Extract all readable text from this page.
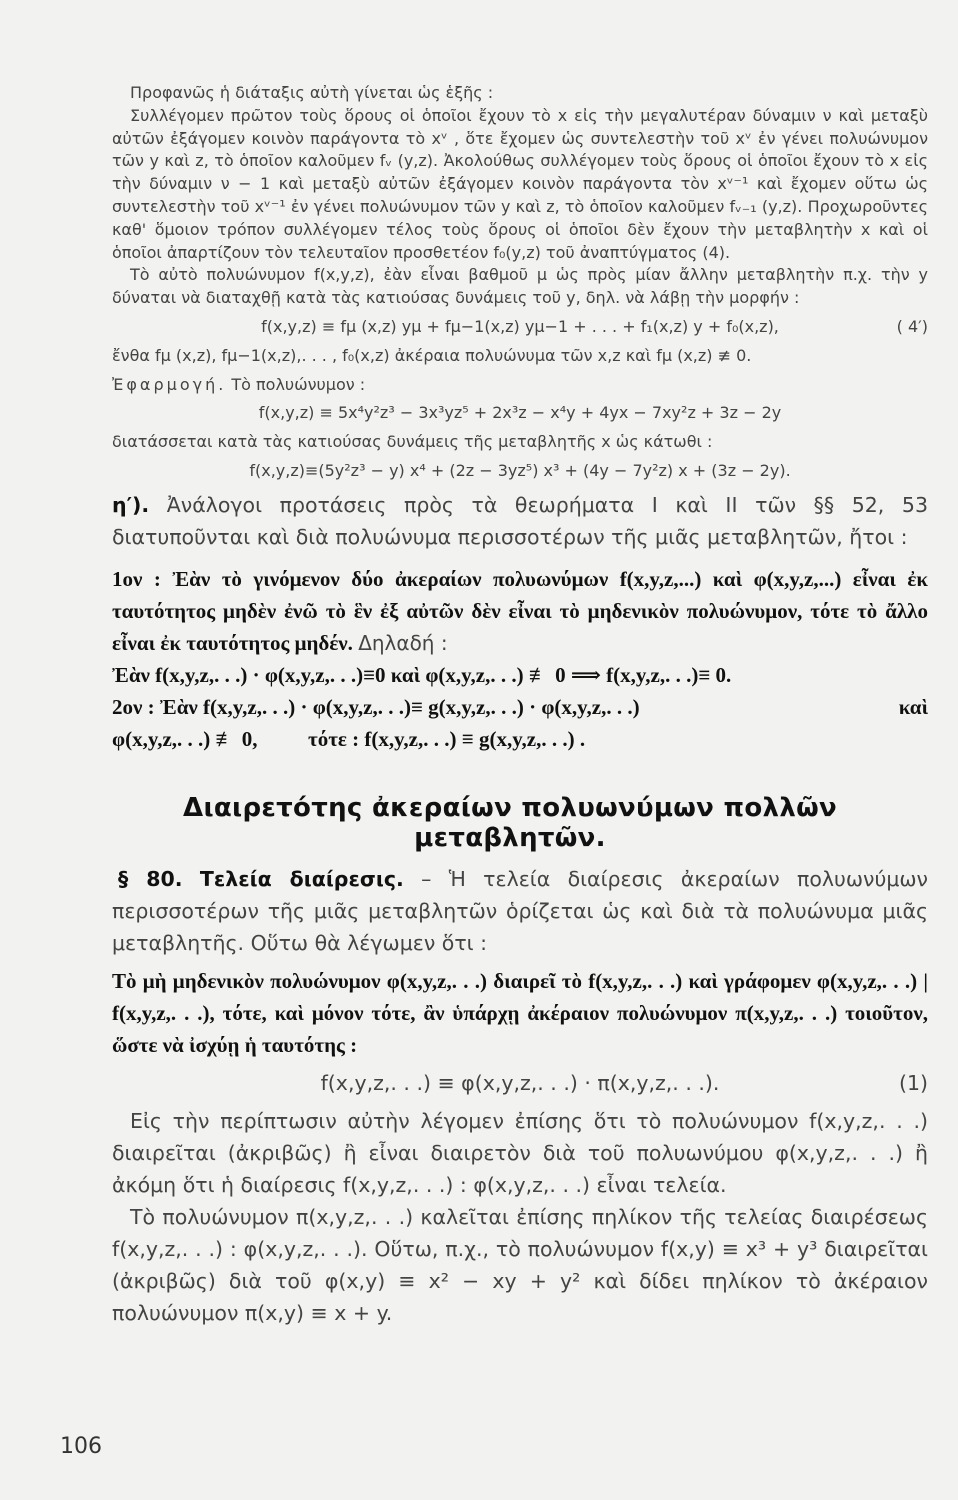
Προφανῶς ἡ διάταξις αὐτὴ γίνεται ὡς ἑξῆς :

Συλλέγομεν πρῶτον τοὺς ὅρους οἱ ὁποῖοι ἔχουν τὸ x εἰς τὴν μεγαλυτέραν δύναμιν ν καὶ μεταξὺ αὐτῶν ἐξάγομεν κοινὸν παράγοντα τὸ xᵛ , ὅτε ἔχομεν ὡς συντελεστὴν τοῦ xᵛ ἐν γένει πολυώνυμον τῶν y καὶ z, τὸ ὁποῖον καλοῦμεν fᵥ (y,z). Ἀκολούθως συλλέγομεν τοὺς ὅρους οἱ ὁποῖοι ἔχουν τὸ x εἰς τὴν δύναμιν ν − 1 καὶ μεταξὺ αὐτῶν ἐξάγομεν κοινὸν παράγοντα τὸν xᵛ⁻¹ καὶ ἔχομεν οὕτω ὡς συντελεστὴν τοῦ xᵛ⁻¹ ἐν γένει πολυώνυμον τῶν y καὶ z, τὸ ὁποῖον καλοῦμεν fᵥ₋₁ (y,z). Προχωροῦντες καθ' ὅμοιον τρόπον συλλέγομεν τέλος τοὺς ὅρους οἱ ὁποῖοι δὲν ἔχουν τὴν μεταβλητὴν x καὶ οἱ ὁποῖοι ἀπαρτίζουν τὸν τελευταῖον προσθετέον f₀(y,z) τοῦ ἀναπτύγματος (4).

Τὸ αὐτὸ πολυώνυμον f(x,y,z), ἐὰν εἶναι βαθμοῦ μ ὡς πρὸς μίαν ἄλλην μεταβλητὴν π.χ. τὴν y δύναται νὰ διαταχθῇ κατὰ τὰς κατιούσας δυνάμεις τοῦ y, δηλ. νὰ λάβῃ τὴν μορφήν :

f(x,y,z) ≡ fμ (x,z) yμ + fμ−1(x,z) yμ−1 + . . . + f₁(x,z) y + f₀(x,z),	( 4′)

ἔνθα fμ (x,z), fμ−1(x,z),. . . , f₀(x,z) ἀκέραια πολυώνυμα τῶν x,z καὶ fμ (x,z) ≢ 0.

Ἐφαρμογή. Τὸ πολυώνυμον :

f(x,y,z) ≡ 5x⁴y²z³ − 3x³yz⁵ + 2x³z − x⁴y + 4yx − 7xy²z + 3z − 2y

διατάσσεται κατὰ τὰς κατιούσας δυνάμεις τῆς μεταβλητῆς x ὡς κάτωθι :

f(x,y,z)≡(5y²z³ − y) x⁴ + (2z − 3yz⁵) x³ + (4y − 7y²z) x + (3z − 2y).

η′). Ἀνάλογοι προτάσεις πρὸς τὰ θεωρήματα I καὶ II τῶν §§ 52, 53 διατυποῦνται καὶ διὰ πολυώνυμα περισσοτέρων τῆς μιᾶς μεταβλητῶν, ἤτοι :

1ον : Ἐὰν τὸ γινόμενον δύο ἀκεραίων πολυωνύμων f(x,y,z,...) καὶ φ(x,y,z,...) εἶναι ἐκ ταυτότητος μηδὲν ἐνῶ τὸ ἓν ἐξ αὐτῶν δὲν εἶναι τὸ μηδενικὸν πολυώνυμον, τότε τὸ ἄλλο εἶναι ἐκ ταυτότητος μηδέν. Δηλαδή :

Ἐὰν f(x,y,z,. . .) · φ(x,y,z,. . .)≡0 καὶ φ(x,y,z,. . .) ≢ 0 ⟹ f(x,y,z,. . .)≡ 0.

2ον : Ἐὰν f(x,y,z,. . .) · φ(x,y,z,. . .)≡ g(x,y,z,. . .) · φ(x,y,z,. . .)	καὶ

φ(x,y,z,. . .) ≢ 0, τότε : f(x,y,z,. . .) ≡ g(x,y,z,. . .) .

Διαιρετότης ἀκεραίων πολυωνύμων πολλῶν μεταβλητῶν.

§ 80. Τελεία διαίρεσις. – Ἡ τελεία διαίρεσις ἀκεραίων πολυωνύμων περισσοτέρων τῆς μιᾶς μεταβλητῶν ὁρίζεται ὡς καὶ διὰ τὰ πολυώνυμα μιᾶς μεταβλητῆς. Οὕτω θὰ λέγωμεν ὅτι :

Τὸ μὴ μηδενικὸν πολυώνυμον φ(x,y,z,. . .) διαιρεῖ τὸ f(x,y,z,. . .) καὶ γράφομεν φ(x,y,z,. . .) | f(x,y,z,. . .), τότε, καὶ μόνον τότε, ἂν ὑπάρχῃ ἀκέραιον πολυώνυμον π(x,y,z,. . .) τοιοῦτον, ὥστε νὰ ἰσχύῃ ἡ ταυτότης :

f(x,y,z,. . .) ≡ φ(x,y,z,. . .) · π(x,y,z,. . .).	(1)

Εἰς τὴν περίπτωσιν αὐτὴν λέγομεν ἐπίσης ὅτι τὸ πολυώνυμον f(x,y,z,. . .) διαιρεῖται (ἀκριβῶς) ἢ εἶναι διαιρετὸν διὰ τοῦ πολυωνύμου φ(x,y,z,. . .) ἢ ἀκόμη ὅτι ἡ διαίρεσις f(x,y,z,. . .) : φ(x,y,z,. . .) εἶναι τελεία.

Τὸ πολυώνυμον π(x,y,z,. . .) καλεῖται ἐπίσης πηλίκον τῆς τελείας διαιρέσεως f(x,y,z,. . .) : φ(x,y,z,. . .). Οὕτω, π.χ., τὸ πολυώνυμον f(x,y) ≡ x³ + y³ διαιρεῖται (ἀκριβῶς) διὰ τοῦ φ(x,y) ≡ x² − xy + y² καὶ δίδει πηλίκον τὸ ἀκέραιον πολυώνυμον π(x,y) ≡ x + y.

106
